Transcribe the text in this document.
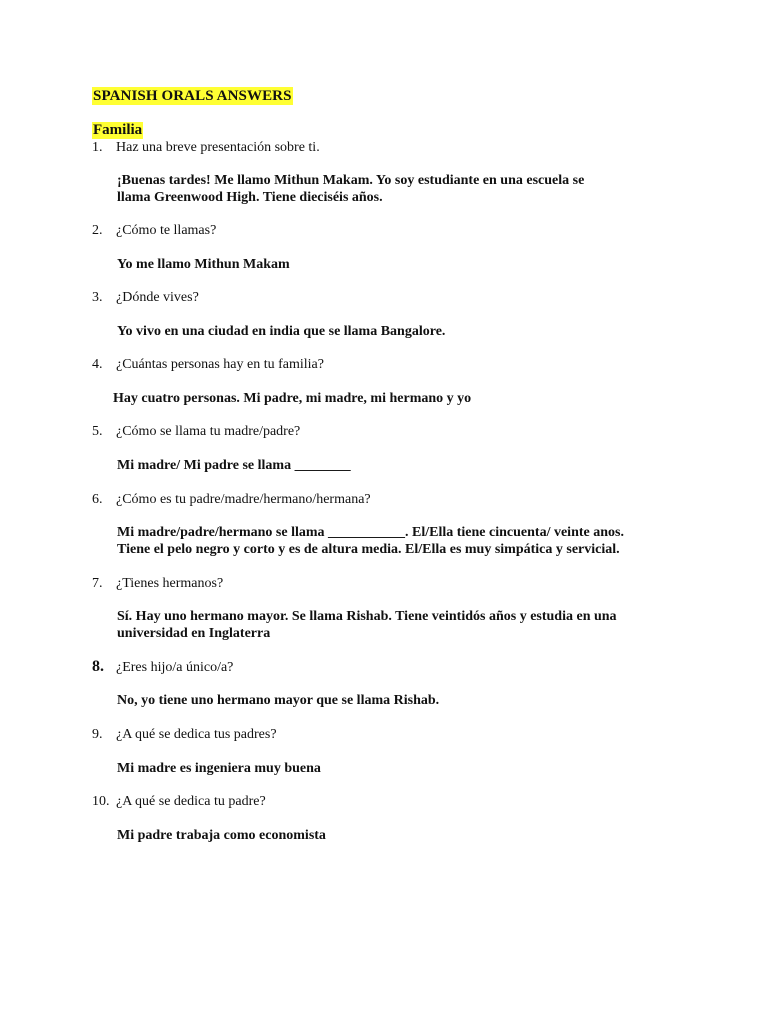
SPANISH ORALS ANSWERS
Familia
1. Haz una breve presentación sobre ti.
¡Buenas tardes! Me llamo Mithun Makam. Yo soy estudiante en una escuela se
llama Greenwood High. Tiene dieciséis años.
2. ¿Cómo te llamas?
Yo me llamo Mithun Makam
3. ¿Dónde vives?
Yo vivo en una ciudad en india que se llama Bangalore.
4. ¿Cuántas personas hay en tu familia?
Hay cuatro personas. Mi padre, mi madre, mi hermano y yo
5. ¿Cómo se llama tu madre/padre?
Mi madre/ Mi padre se llama ________
6. ¿Cómo es tu padre/madre/hermano/hermana?
Mi madre/padre/hermano se llama ___________. El/Ella tiene cincuenta/ veinte anos.
Tiene el pelo negro y corto y es de altura media. El/Ella es muy simpática y servicial.
7. ¿Tienes hermanos?
Sí. Hay uno hermano mayor. Se llama Rishab. Tiene veintidós años y estudia en una
universidad en Inglaterra
8. ¿Eres hijo/a único/a?
No, yo tiene uno hermano mayor que se llama Rishab.
9. ¿A qué se dedica tus padres?
Mi madre es ingeniera muy buena
10. ¿A qué se dedica tu padre?
Mi padre trabaja como economista
